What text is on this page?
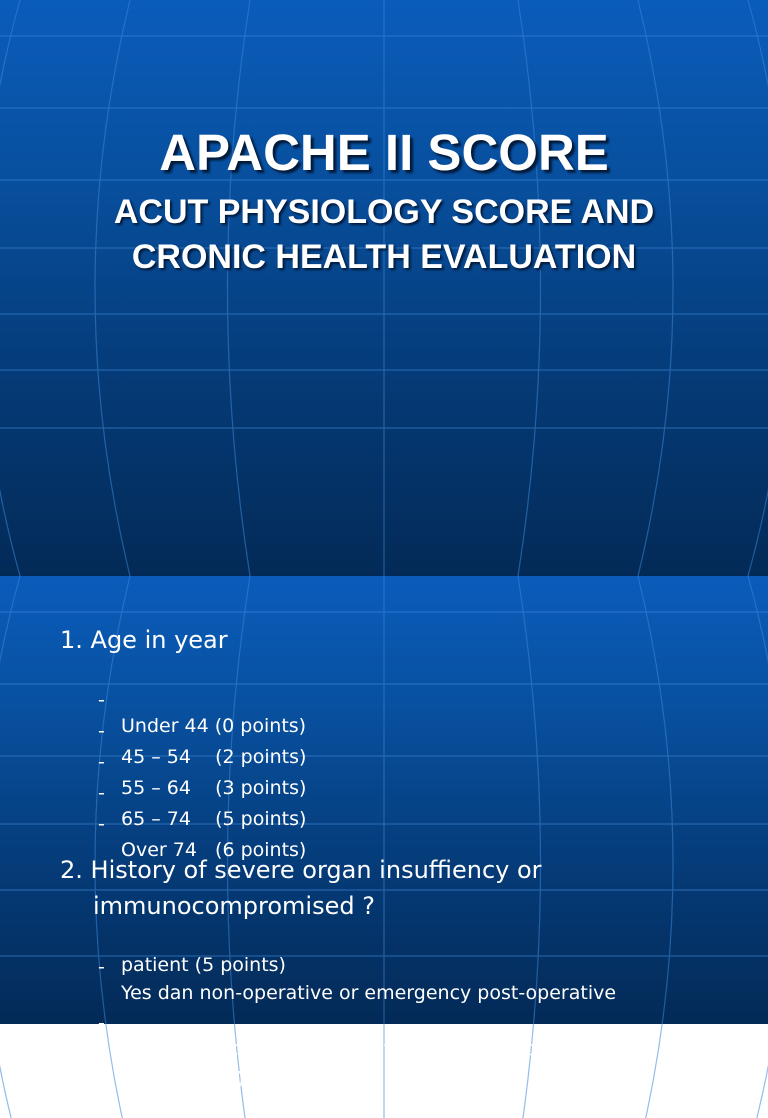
APACHE II SCORE
ACUT PHYSIOLOGY SCORE AND
CRONIC HEALTH EVALUATION
1. Age in year

-

Under 44 (0 points)

-

45 – 54    (2 points)

-

55 – 64    (3 points)

-

65 – 74    (5 points)

-

Over 74   (6 points)

2. History of severe organ insuffiency or
immunocompromised ?

-

Yes dan non-operative or emergency post-operative

patient (5 points)

-

Yes dan elective post-operative patient (2 points)

-

No (0 points)
